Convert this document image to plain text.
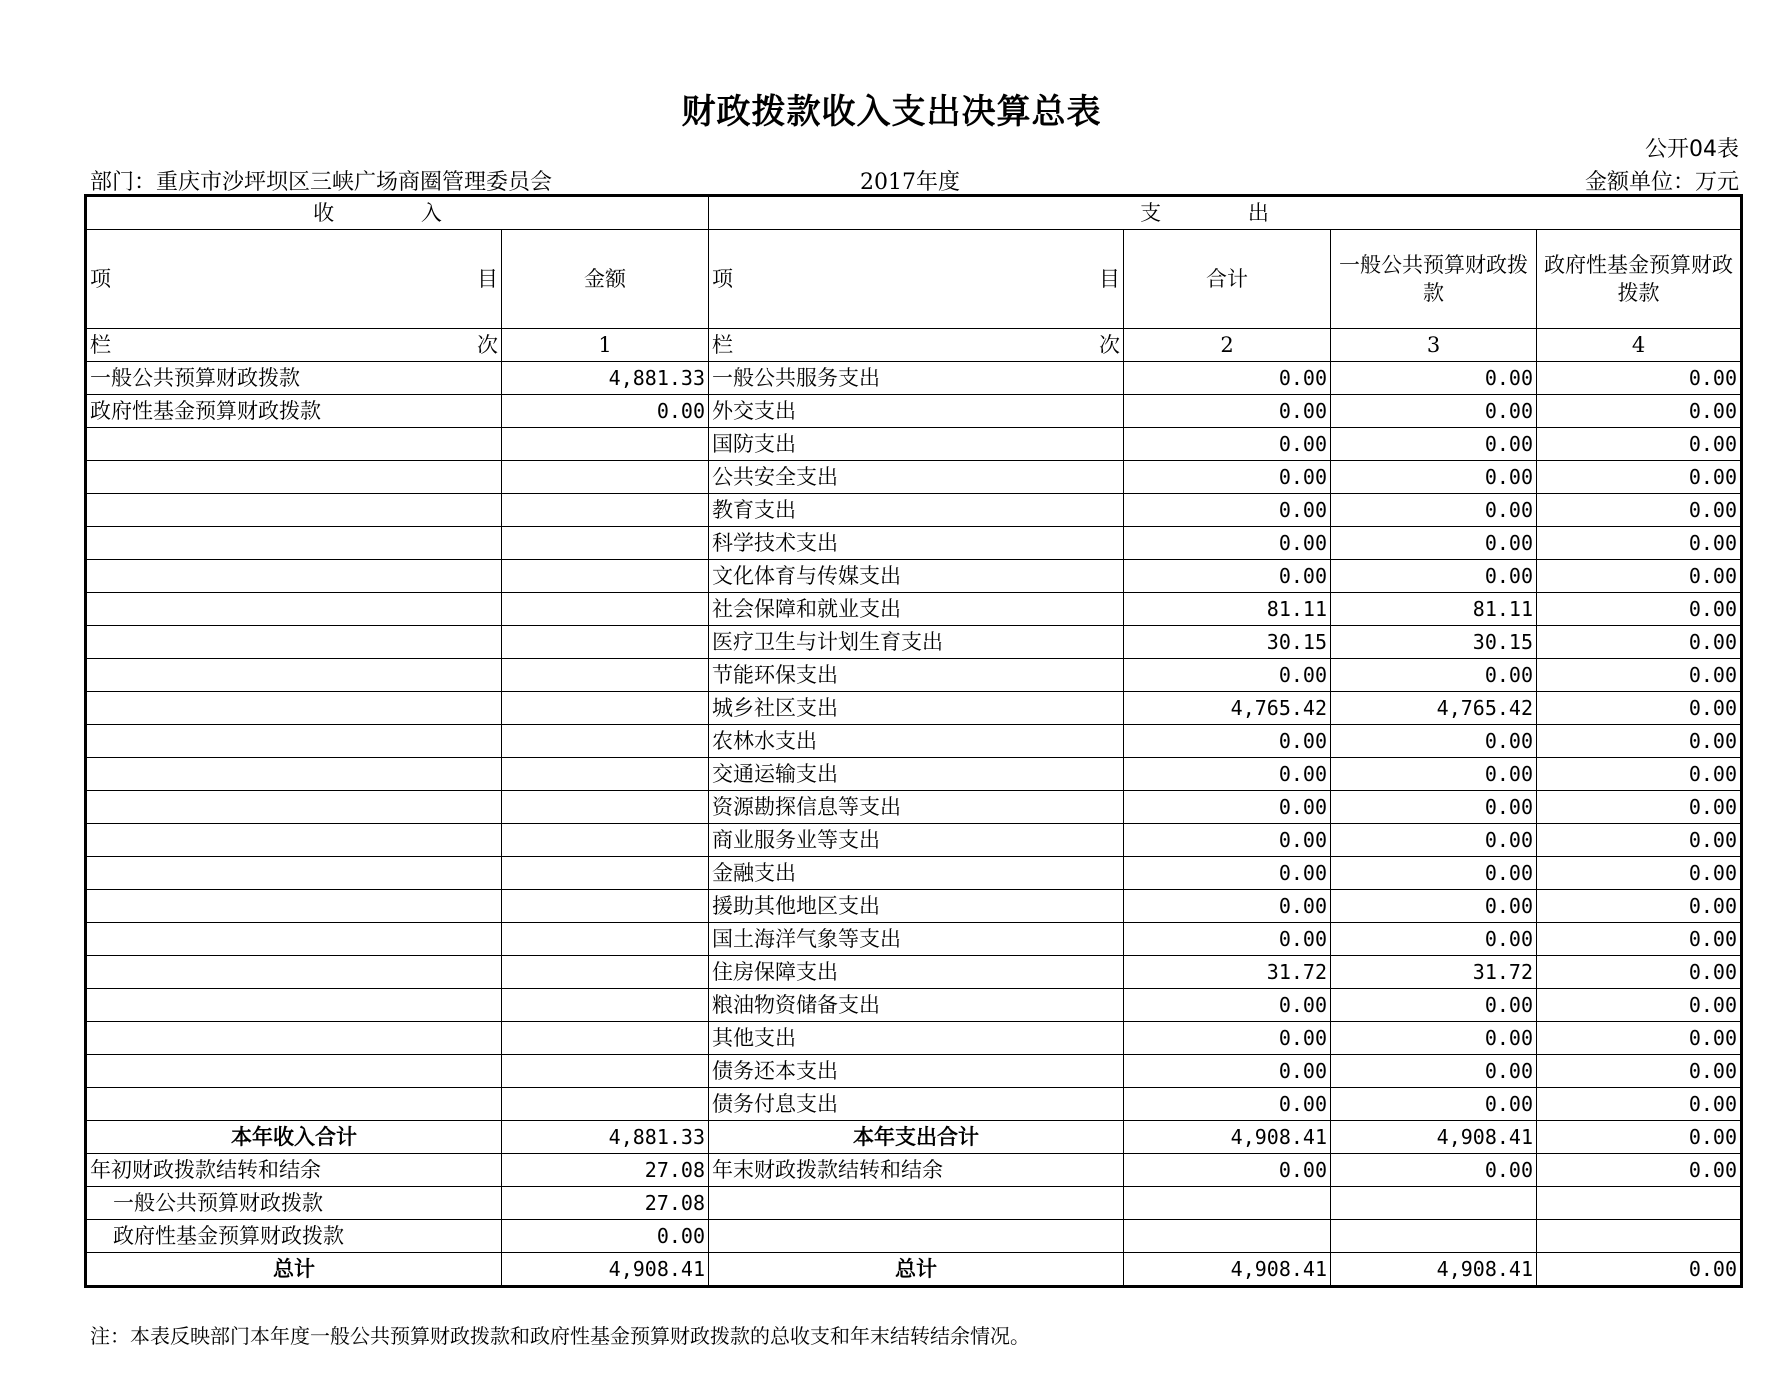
财政拨款收入支出决算总表
公开04表
部门：重庆市沙坪坝区三峡广场商圈管理委员会	2017年度	金额单位：万元
收 入		支 出			

项 目	金额	项 目	合计	一般公共预算财政拨款	政府性基金预算财政拨款

栏 次	1	栏 次	2	3	4
一般公共预算财政拨款	4,881.33	一般公共服务支出	0.00	0.00	0.00
政府性基金预算财政拨款	0.00	外交支出	0.00	0.00	0.00
		国防支出	0.00	0.00	0.00
		公共安全支出	0.00	0.00	0.00
		教育支出	0.00	0.00	0.00
		科学技术支出	0.00	0.00	0.00
		文化体育与传媒支出	0.00	0.00	0.00
		社会保障和就业支出	81.11	81.11	0.00
		医疗卫生与计划生育支出	30.15	30.15	0.00
		节能环保支出	0.00	0.00	0.00
		城乡社区支出	4,765.42	4,765.42	0.00
		农林水支出	0.00	0.00	0.00
		交通运输支出	0.00	0.00	0.00
		资源勘探信息等支出	0.00	0.00	0.00
		商业服务业等支出	0.00	0.00	0.00
		金融支出	0.00	0.00	0.00
		援助其他地区支出	0.00	0.00	0.00
		国土海洋气象等支出	0.00	0.00	0.00
		住房保障支出	31.72	31.72	0.00
		粮油物资储备支出	0.00	0.00	0.00
		其他支出	0.00	0.00	0.00
		债务还本支出	0.00	0.00	0.00
		债务付息支出	0.00	0.00	0.00
本年收入合计	4,881.33	本年支出合计	4,908.41	4,908.41	0.00
年初财政拨款结转和结余	27.08	年末财政拨款结转和结余	0.00	0.00	0.00
一般公共预算财政拨款	27.08				
政府性基金预算财政拨款	0.00				
总计	4,908.41	总计	4,908.41	4,908.41	0.00
注：本表反映部门本年度一般公共预算财政拨款和政府性基金预算财政拨款的总收支和年末结转结余情况。
